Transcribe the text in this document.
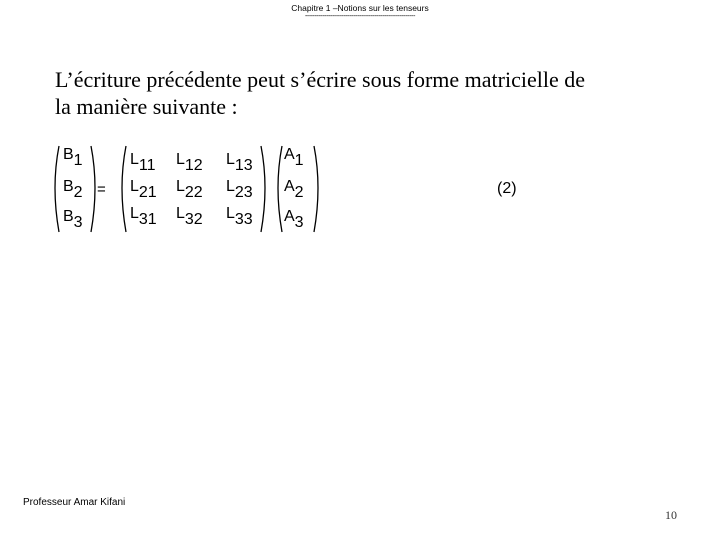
Chapitre 1 –Notions sur les tenseurs
---------------------------------------------------------
L’écriture précédente peut s’écrire sous forme matricielle de
la manière suivante :
B1
B2
B3
=
L11 L12 L13
L21 L22 L23
L31 L32 L33
A1
A2
A3
(2)
Professeur Amar Kifani
10
